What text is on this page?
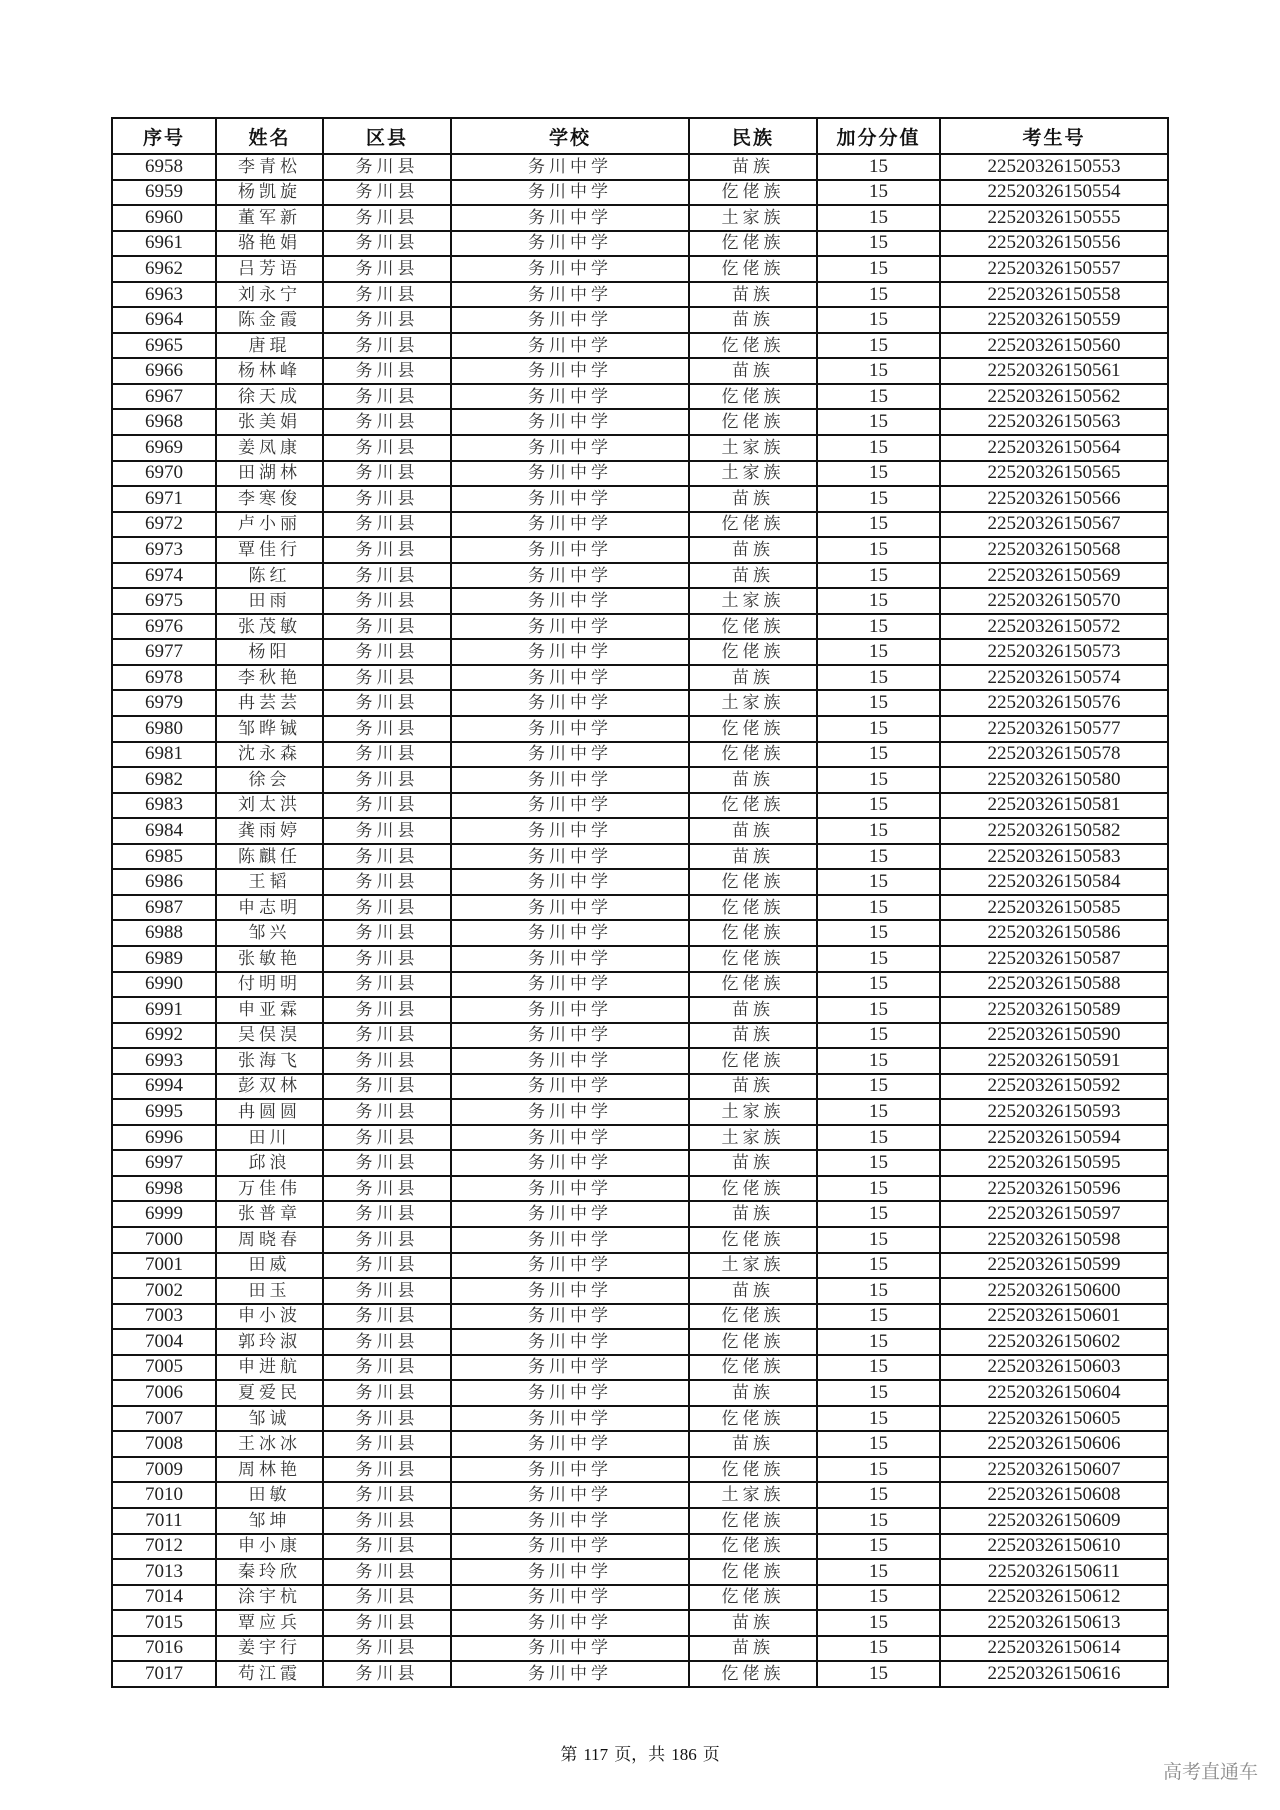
序号	姓名	区县	学校	民族	加分分值	考生号
6958	李青松	务川县	务川中学	苗族	15	22520326150553
6959	杨凯旋	务川县	务川中学	仡佬族	15	22520326150554
6960	董军新	务川县	务川中学	土家族	15	22520326150555
6961	骆艳娟	务川县	务川中学	仡佬族	15	22520326150556
6962	吕芳语	务川县	务川中学	仡佬族	15	22520326150557
6963	刘永宁	务川县	务川中学	苗族	15	22520326150558
6964	陈金霞	务川县	务川中学	苗族	15	22520326150559
6965	唐琨	务川县	务川中学	仡佬族	15	22520326150560
6966	杨林峰	务川县	务川中学	苗族	15	22520326150561
6967	徐天成	务川县	务川中学	仡佬族	15	22520326150562
6968	张美娟	务川县	务川中学	仡佬族	15	22520326150563
6969	姜凤康	务川县	务川中学	土家族	15	22520326150564
6970	田湖林	务川县	务川中学	土家族	15	22520326150565
6971	李寒俊	务川县	务川中学	苗族	15	22520326150566
6972	卢小丽	务川县	务川中学	仡佬族	15	22520326150567
6973	覃佳行	务川县	务川中学	苗族	15	22520326150568
6974	陈红	务川县	务川中学	苗族	15	22520326150569
6975	田雨	务川县	务川中学	土家族	15	22520326150570
6976	张茂敏	务川县	务川中学	仡佬族	15	22520326150572
6977	杨阳	务川县	务川中学	仡佬族	15	22520326150573
6978	李秋艳	务川县	务川中学	苗族	15	22520326150574
6979	冉芸芸	务川县	务川中学	土家族	15	22520326150576
6980	邹晔铖	务川县	务川中学	仡佬族	15	22520326150577
6981	沈永森	务川县	务川中学	仡佬族	15	22520326150578
6982	徐会	务川县	务川中学	苗族	15	22520326150580
6983	刘太洪	务川县	务川中学	仡佬族	15	22520326150581
6984	龚雨婷	务川县	务川中学	苗族	15	22520326150582
6985	陈麒任	务川县	务川中学	苗族	15	22520326150583
6986	王韬	务川县	务川中学	仡佬族	15	22520326150584
6987	申志明	务川县	务川中学	仡佬族	15	22520326150585
6988	邹兴	务川县	务川中学	仡佬族	15	22520326150586
6989	张敏艳	务川县	务川中学	仡佬族	15	22520326150587
6990	付明明	务川县	务川中学	仡佬族	15	22520326150588
6991	申亚霖	务川县	务川中学	苗族	15	22520326150589
6992	吴俣淏	务川县	务川中学	苗族	15	22520326150590
6993	张海飞	务川县	务川中学	仡佬族	15	22520326150591
6994	彭双林	务川县	务川中学	苗族	15	22520326150592
6995	冉圆圆	务川县	务川中学	土家族	15	22520326150593
6996	田川	务川县	务川中学	土家族	15	22520326150594
6997	邱浪	务川县	务川中学	苗族	15	22520326150595
6998	万佳伟	务川县	务川中学	仡佬族	15	22520326150596
6999	张普章	务川县	务川中学	苗族	15	22520326150597
7000	周晓春	务川县	务川中学	仡佬族	15	22520326150598
7001	田威	务川县	务川中学	土家族	15	22520326150599
7002	田玉	务川县	务川中学	苗族	15	22520326150600
7003	申小波	务川县	务川中学	仡佬族	15	22520326150601
7004	郭玲淑	务川县	务川中学	仡佬族	15	22520326150602
7005	申进航	务川县	务川中学	仡佬族	15	22520326150603
7006	夏爱民	务川县	务川中学	苗族	15	22520326150604
7007	邹诚	务川县	务川中学	仡佬族	15	22520326150605
7008	王冰冰	务川县	务川中学	苗族	15	22520326150606
7009	周林艳	务川县	务川中学	仡佬族	15	22520326150607
7010	田敏	务川县	务川中学	土家族	15	22520326150608
7011	邹坤	务川县	务川中学	仡佬族	15	22520326150609
7012	申小康	务川县	务川中学	仡佬族	15	22520326150610
7013	秦玲欣	务川县	务川中学	仡佬族	15	22520326150611
7014	涂宇杭	务川县	务川中学	仡佬族	15	22520326150612
7015	覃应兵	务川县	务川中学	苗族	15	22520326150613
7016	姜宇行	务川县	务川中学	苗族	15	22520326150614
7017	苟江霞	务川县	务川中学	仡佬族	15	22520326150616
第 117 页，共 186 页
高考直通车
